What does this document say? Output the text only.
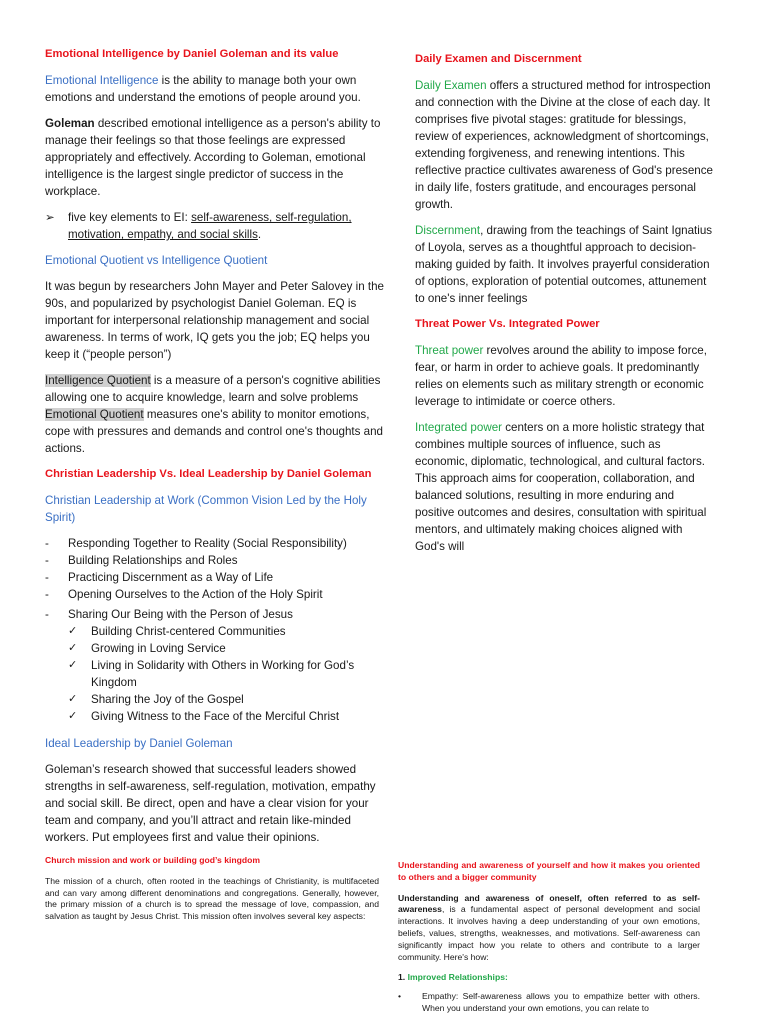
Emotional Intelligence by Daniel Goleman and its value

Emotional Intelligence is the ability to manage both your own emotions and understand the emotions of people around you.

Goleman described emotional intelligence as a person's ability to manage their feelings so that those feelings are expressed appropriately and effectively. According to Goleman, emotional intelligence is the largest single predictor of success in the workplace.

➢ five key elements to EI: self-awareness, self-regulation, motivation, empathy, and social skills.
Emotional Quotient vs Intelligence Quotient

It was begun by researchers John Mayer and Peter Salovey in the 90s, and popularized by psychologist Daniel Goleman. EQ is important for interpersonal relationship management and social awareness. In terms of work, IQ gets you the job; EQ helps you keep it (“people person”)

Intelligence Quotient is a measure of a person's cognitive abilities allowing one to acquire knowledge, learn and solve problems Emotional Quotient measures one's ability to monitor emotions, cope with pressures and demands and control one's thoughts and actions.

Christian Leadership Vs. Ideal Leadership by Daniel Goleman
Christian Leadership at Work (Common Vision Led by the Holy Spirit)
- Responding Together to Reality (Social Responsibility)
- Building Relationships and Roles
- Practicing Discernment as a Way of Life
- Opening Ourselves to the Action of the Holy Spirit
- Sharing Our Being with the Person of Jesus
✓ Building Christ-centered Communities
✓ Growing in Loving Service
✓ Living in Solidarity with Others in Working for God’s Kingdom
✓ Sharing the Joy of the Gospel
✓ Giving Witness to the Face of the Merciful Christ
Ideal Leadership by Daniel Goleman

Goleman’s research showed that successful leaders showed strengths in self-awareness, self-regulation, motivation, empathy and social skill. Be direct, open and have a clear vision for your team and company, and you’ll attract and retain like-minded workers. Put employees first and value their opinions.

Daily Examen and Discernment

Daily Examen offers a structured method for introspection and connection with the Divine at the close of each day. It comprises five pivotal stages: gratitude for blessings, review of experiences, acknowledgment of shortcomings, extending forgiveness, and renewing intentions. This reflective practice cultivates awareness of God's presence in daily life, fosters gratitude, and encourages personal growth.

Discernment, drawing from the teachings of Saint Ignatius of Loyola, serves as a thoughtful approach to decision-making guided by faith. It involves prayerful consideration of options, exploration of potential outcomes, attunement to one's inner feelings

Threat Power Vs. Integrated Power

Threat power revolves around the ability to impose force, fear, or harm in order to achieve goals. It predominantly relies on elements such as military strength or economic leverage to intimidate or coerce others.

Integrated power centers on a more holistic strategy that combines multiple sources of influence, such as economic, diplomatic, technological, and cultural factors. This approach aims for cooperation, collaboration, and balanced solutions, resulting in more enduring and positive outcomes and desires, consultation with spiritual mentors, and ultimately making choices aligned with God's will

Church mission and work or building god’s kingdom

The mission of a church, often rooted in the teachings of Christianity, is multifaceted and can vary among different denominations and congregations. Generally, however, the primary mission of a church is to spread the message of love, compassion, and salvation as taught by Jesus Christ. This mission often involves several key aspects:

Understanding and awareness of yourself and how it makes you oriented to others and a bigger community

Understanding and awareness of oneself, often referred to as self-awareness, is a fundamental aspect of personal development and social interactions. It involves having a deep understanding of your own emotions, beliefs, values, strengths, weaknesses, and motivations. Self-awareness can significantly impact how you relate to others and contribute to a larger community. Here's how:

1. Improved Relationships:

• Empathy: Self-awareness allows you to empathize better with others. When you understand your own emotions, you can relate to
